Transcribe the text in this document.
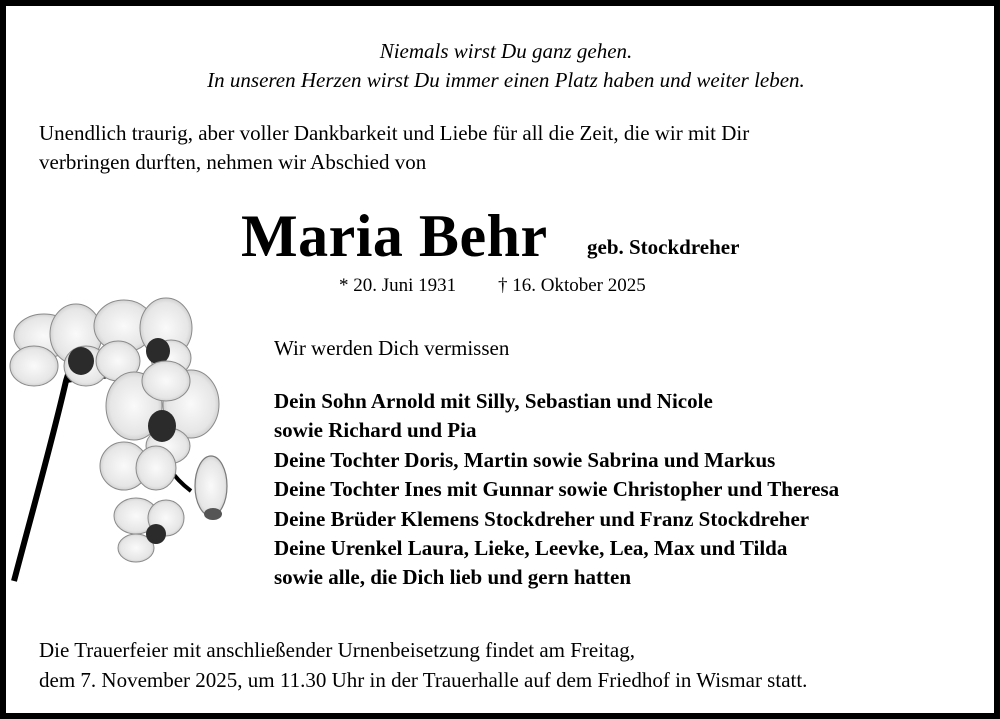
Niemals wirst Du ganz gehen.
In unseren Herzen wirst Du immer einen Platz haben und weiter leben.
Unendlich traurig, aber voller Dankbarkeit und Liebe für all die Zeit, die wir mit Dir
verbringen durften, nehmen wir Abschied von
Maria Behr geb. Stockdreher
* 20. Juni 1931 † 16. Oktober 2025
Wir werden Dich vermissen
Dein Sohn Arnold mit Silly, Sebastian und Nicole
sowie Richard und Pia
Deine Tochter Doris, Martin sowie Sabrina und Markus
Deine Tochter Ines mit Gunnar sowie Christopher und Theresa
Deine Brüder Klemens Stockdreher und Franz Stockdreher
Deine Urenkel Laura, Lieke, Leevke, Lea, Max und Tilda
sowie alle, die Dich lieb und gern hatten
Die Trauerfeier mit anschließender Urnenbeisetzung findet am Freitag,
dem 7. November 2025, um 11.30 Uhr in der Trauerhalle auf dem Friedhof in Wismar statt.
